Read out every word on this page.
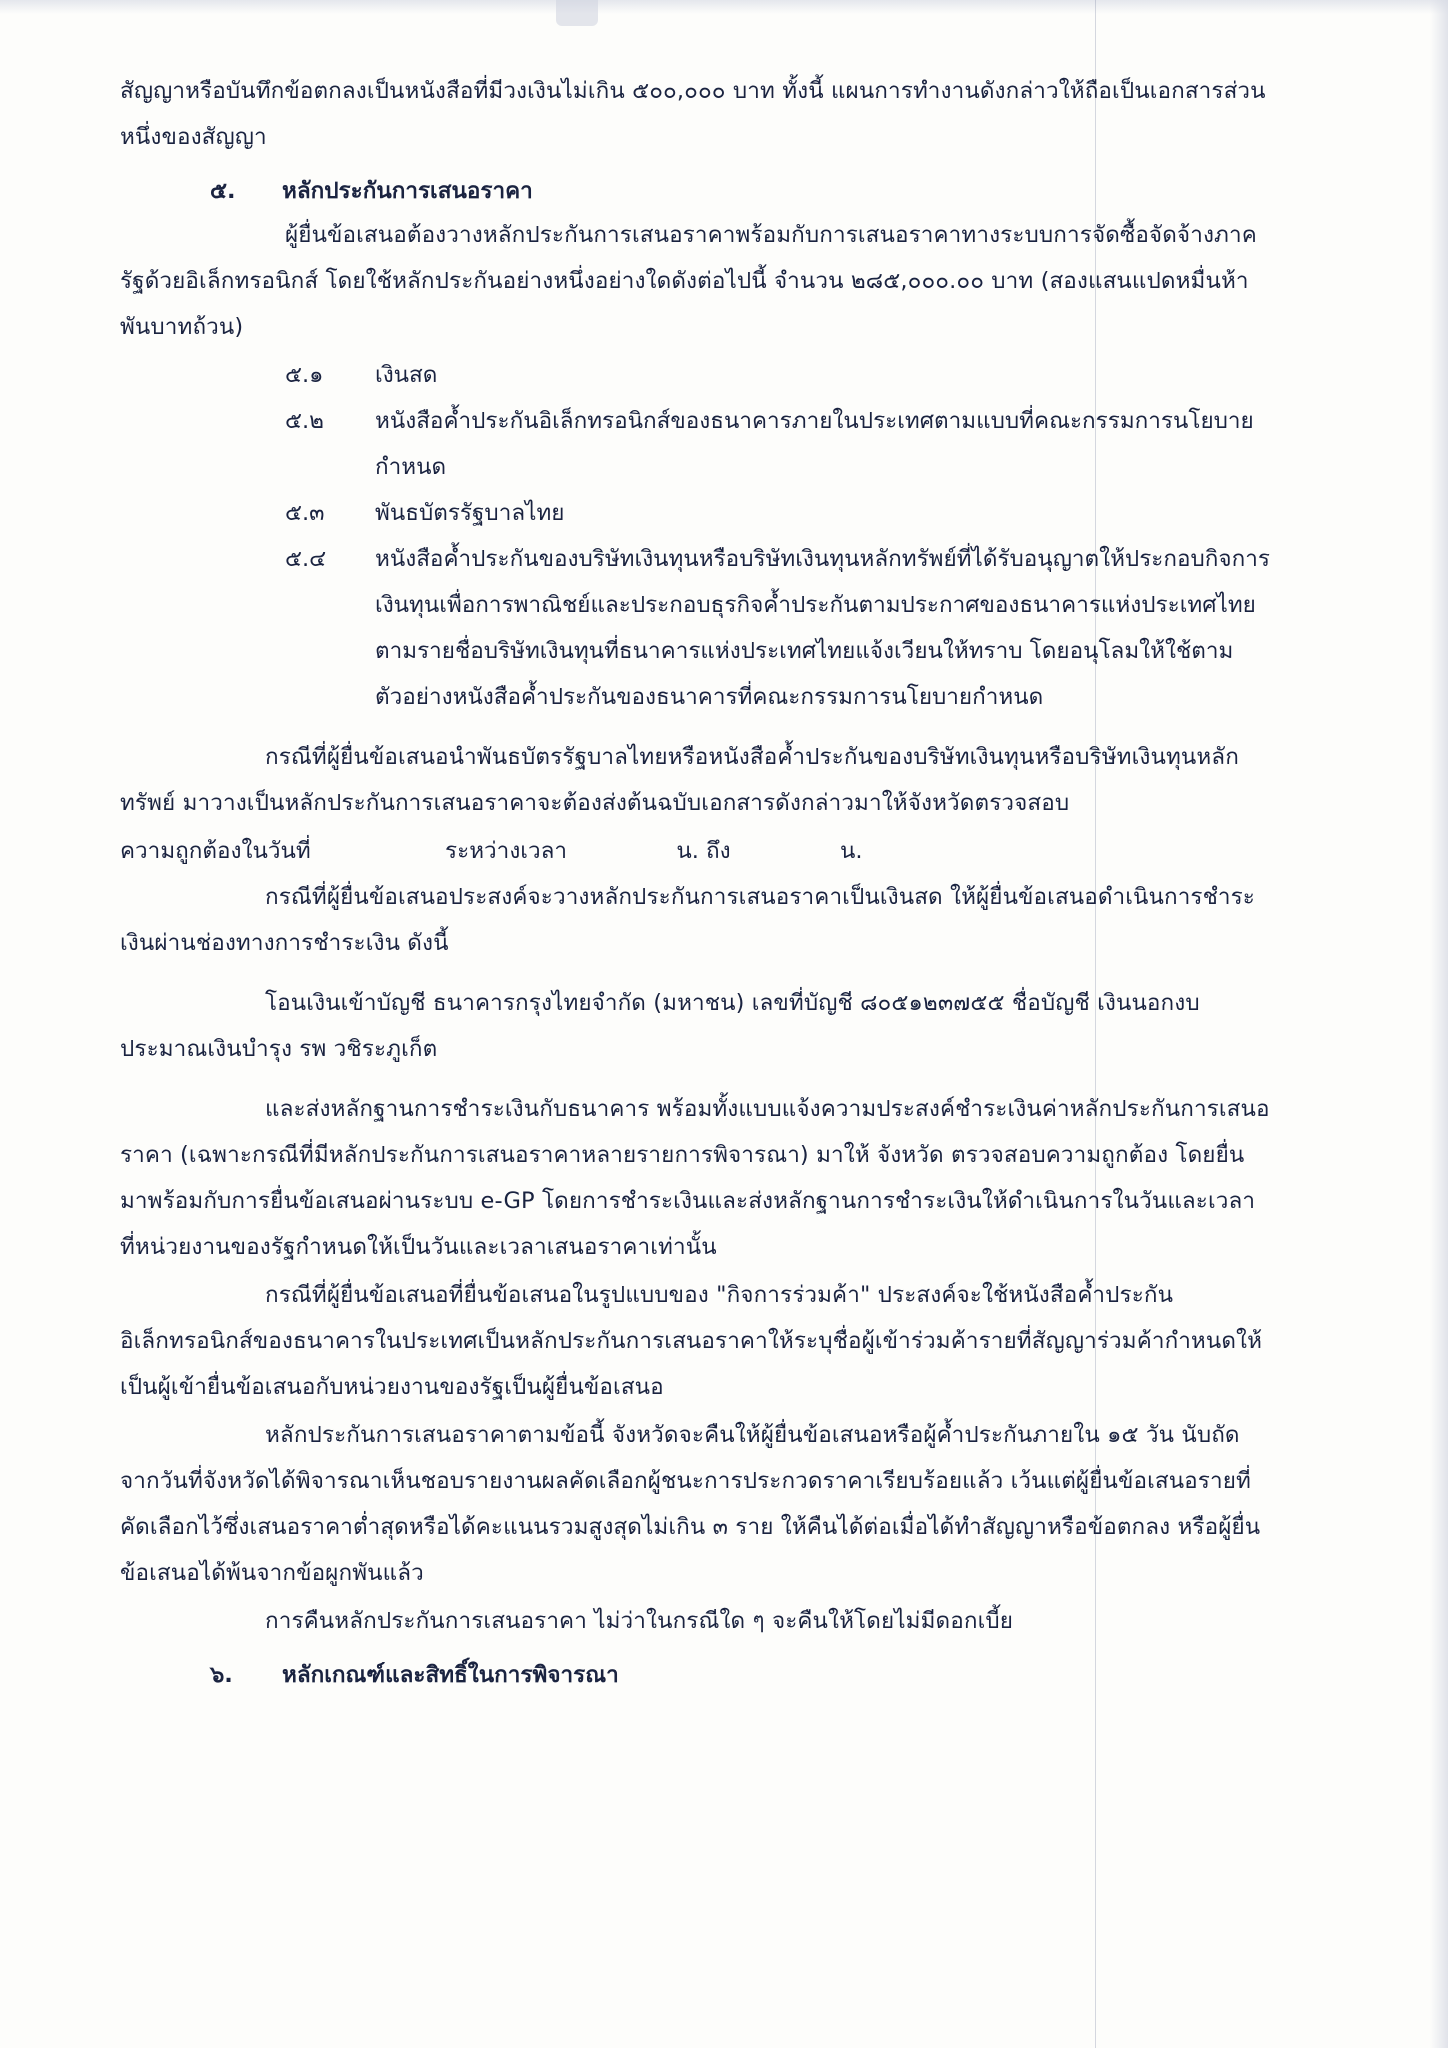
สัญญาหรือบันทึกข้อตกลงเป็นหนังสือที่มีวงเงินไม่เกิน ๕๐๐,๐๐๐ บาท ทั้งนี้ แผนการทำงานดังกล่าวให้ถือเป็นเอกสารส่วนหนึ่งของสัญญา

๕.	หลักประกันการเสนอราคา

ผู้ยื่นข้อเสนอต้องวางหลักประกันการเสนอราคาพร้อมกับการเสนอราคาทางระบบการจัดซื้อจัดจ้างภาครัฐด้วยอิเล็กทรอนิกส์ โดยใช้หลักประกันอย่างหนึ่งอย่างใดดังต่อไปนี้ จำนวน ๒๘๕,๐๐๐.๐๐ บาท (สองแสนแปดหมื่นห้าพันบาทถ้วน)

๕.๑	เงินสด
๕.๒	หนังสือค้ำประกันอิเล็กทรอนิกส์ของธนาคารภายในประเทศตามแบบที่คณะกรรมการนโยบายกำหนด
๕.๓	พันธบัตรรัฐบาลไทย
๕.๔	หนังสือค้ำประกันของบริษัทเงินทุนหรือบริษัทเงินทุนหลักทรัพย์ที่ได้รับอนุญาตให้ประกอบกิจการเงินทุนเพื่อการพาณิชย์และประกอบธุรกิจค้ำประกันตามประกาศของธนาคารแห่งประเทศไทย ตามรายชื่อบริษัทเงินทุนที่ธนาคารแห่งประเทศไทยแจ้งเวียนให้ทราบ โดยอนุโลมให้ใช้ตามตัวอย่างหนังสือค้ำประกันของธนาคารที่คณะกรรมการนโยบายกำหนด

กรณีที่ผู้ยื่นข้อเสนอนำพันธบัตรรัฐบาลไทยหรือหนังสือค้ำประกันของบริษัทเงินทุนหรือบริษัทเงินทุนหลักทรัพย์ มาวางเป็นหลักประกันการเสนอราคาจะต้องส่งต้นฉบับเอกสารดังกล่าวมาให้จังหวัดตรวจสอบ

ความถูกต้องในวันที่	ระหว่างเวลา	น. ถึง	น.

กรณีที่ผู้ยื่นข้อเสนอประสงค์จะวางหลักประกันการเสนอราคาเป็นเงินสด ให้ผู้ยื่นข้อเสนอดำเนินการชำระเงินผ่านช่องทางการชำระเงิน ดังนี้

โอนเงินเข้าบัญชี ธนาคารกรุงไทยจำกัด (มหาชน) เลขที่บัญชี ๘๐๕๑๒๓๗๕๕ ชื่อบัญชี เงินนอกงบประมาณเงินบำรุง รพ วชิระภูเก็ต

และส่งหลักฐานการชำระเงินกับธนาคาร พร้อมทั้งแบบแจ้งความประสงค์ชำระเงินค่าหลักประกันการเสนอราคา (เฉพาะกรณีที่มีหลักประกันการเสนอราคาหลายรายการพิจารณา) มาให้ จังหวัด ตรวจสอบความถูกต้อง โดยยื่นมาพร้อมกับการยื่นข้อเสนอผ่านระบบ e-GP โดยการชำระเงินและส่งหลักฐานการชำระเงินให้ดำเนินการในวันและเวลาที่หน่วยงานของรัฐกำหนดให้เป็นวันและเวลาเสนอราคาเท่านั้น

กรณีที่ผู้ยื่นข้อเสนอที่ยื่นข้อเสนอในรูปแบบของ "กิจการร่วมค้า" ประสงค์จะใช้หนังสือค้ำประกันอิเล็กทรอนิกส์ของธนาคารในประเทศเป็นหลักประกันการเสนอราคาให้ระบุชื่อผู้เข้าร่วมค้ารายที่สัญญาร่วมค้ากำหนดให้เป็นผู้เข้ายื่นข้อเสนอกับหน่วยงานของรัฐเป็นผู้ยื่นข้อเสนอ

หลักประกันการเสนอราคาตามข้อนี้ จังหวัดจะคืนให้ผู้ยื่นข้อเสนอหรือผู้ค้ำประกันภายใน ๑๕ วัน นับถัดจากวันที่จังหวัดได้พิจารณาเห็นชอบรายงานผลคัดเลือกผู้ชนะการประกวดราคาเรียบร้อยแล้ว เว้นแต่ผู้ยื่นข้อเสนอรายที่คัดเลือกไว้ซึ่งเสนอราคาต่ำสุดหรือได้คะแนนรวมสูงสุดไม่เกิน ๓ ราย ให้คืนได้ต่อเมื่อได้ทำสัญญาหรือข้อตกลง หรือผู้ยื่นข้อเสนอได้พ้นจากข้อผูกพันแล้ว

การคืนหลักประกันการเสนอราคา ไม่ว่าในกรณีใด ๆ จะคืนให้โดยไม่มีดอกเบี้ย

๖.	หลักเกณฑ์และสิทธิ์ในการพิจารณา
